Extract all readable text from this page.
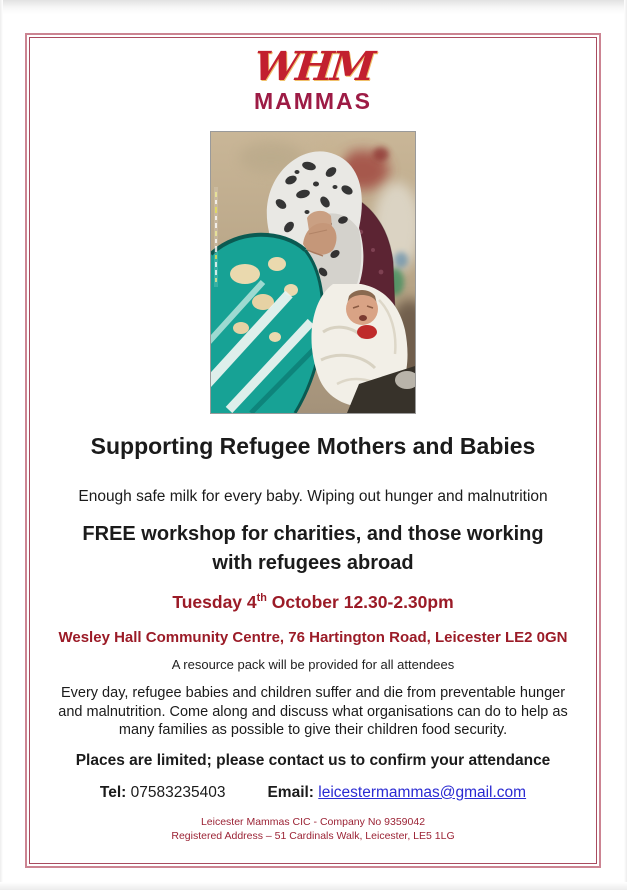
WHM
MAMMAS
Supporting Refugee Mothers and Babies
Enough safe milk for every baby. Wiping out hunger and malnutrition
FREE workshop for charities, and those working with refugees abroad
Tuesday 4th October 12.30-2.30pm
Wesley Hall Community Centre, 76 Hartington Road, Leicester LE2 0GN
A resource pack will be provided for all attendees
Every day, refugee babies and children suffer and die from preventable hunger and malnutrition. Come along and discuss what organisations can do to help as many families as possible to give their children food security.
Places are limited; please contact us to confirm your attendance
Tel: 07583235403	Email: leicestermammas@gmail.com
Leicester Mammas CIC - Company No 9359042
Registered Address – 51 Cardinals Walk, Leicester, LE5 1LG
